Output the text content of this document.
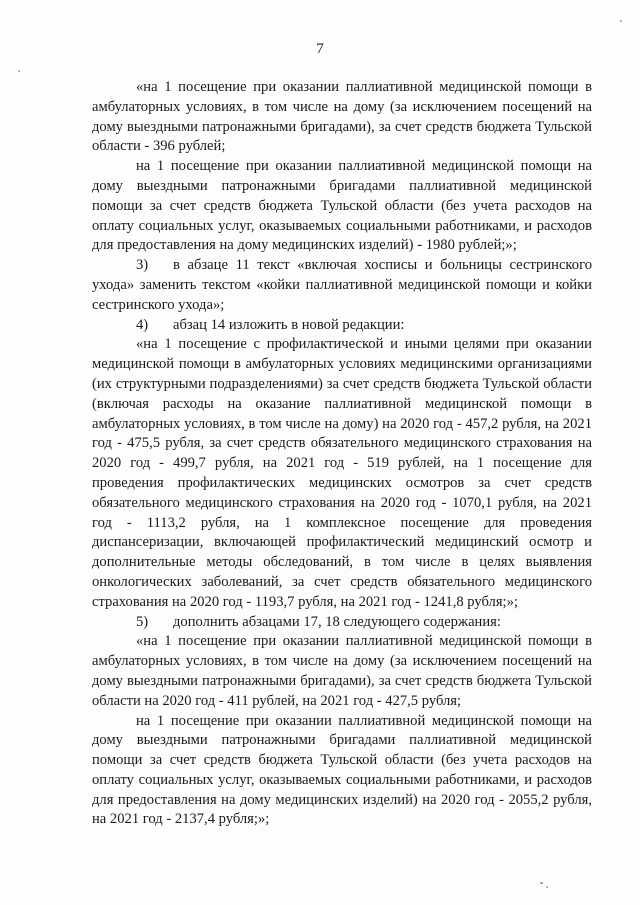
7

«на 1 посещение при оказании паллиативной медицинской помощи в амбулаторных условиях, в том числе на дому (за исключением посещений на дому выездными патронажными бригадами), за счет средств бюджета Тульской области - 396 рублей;

на 1 посещение при оказании паллиативной медицинской помощи на дому выездными патронажными бригадами паллиативной медицинской помощи за счет средств бюджета Тульской области (без учета расходов на оплату социальных услуг, оказываемых социальными работниками, и расходов для предоставления на дому медицинских изделий) - 1980 рублей;»;

3) в абзаце 11 текст «включая хосписы и больницы сестринского ухода» заменить текстом «койки паллиативной медицинской помощи и койки сестринского ухода»;

4) абзац 14 изложить в новой редакции:

«на 1 посещение с профилактической и иными целями при оказании медицинской помощи в амбулаторных условиях медицинскими организациями (их структурными подразделениями) за счет средств бюджета Тульской области (включая расходы на оказание паллиативной медицинской помощи в амбулаторных условиях, в том числе на дому) на 2020 год - 457,2 рубля, на 2021 год - 475,5 рубля, за счет средств обязательного медицинского страхования на 2020 год - 499,7 рубля, на 2021 год - 519 рублей, на 1 посещение для проведения профилактических медицинских осмотров за счет средств обязательного медицинского страхования на 2020 год - 1070,1 рубля, на 2021 год - 1113,2 рубля, на 1 комплексное посещение для проведения диспансеризации, включающей профилактический медицинский осмотр и дополнительные методы обследований, в том числе в целях выявления онкологических заболеваний, за счет средств обязательного медицинского страхования на 2020 год - 1193,7 рубля, на 2021 год - 1241,8 рубля;»;

5) дополнить абзацами 17, 18 следующего содержания:

«на 1 посещение при оказании паллиативной медицинской помощи в амбулаторных условиях, в том числе на дому (за исключением посещений на дому выездными патронажными бригадами), за счет средств бюджета Тульской области на 2020 год - 411 рублей, на 2021 год - 427,5 рубля;

на 1 посещение при оказании паллиативной медицинской помощи на дому выездными патронажными бригадами паллиативной медицинской помощи за счет средств бюджета Тульской области (без учета расходов на оплату социальных услуг, оказываемых социальными работниками, и расходов для предоставления на дому медицинских изделий) на 2020 год - 2055,2 рубля, на 2021 год - 2137,4 рубля;»;
